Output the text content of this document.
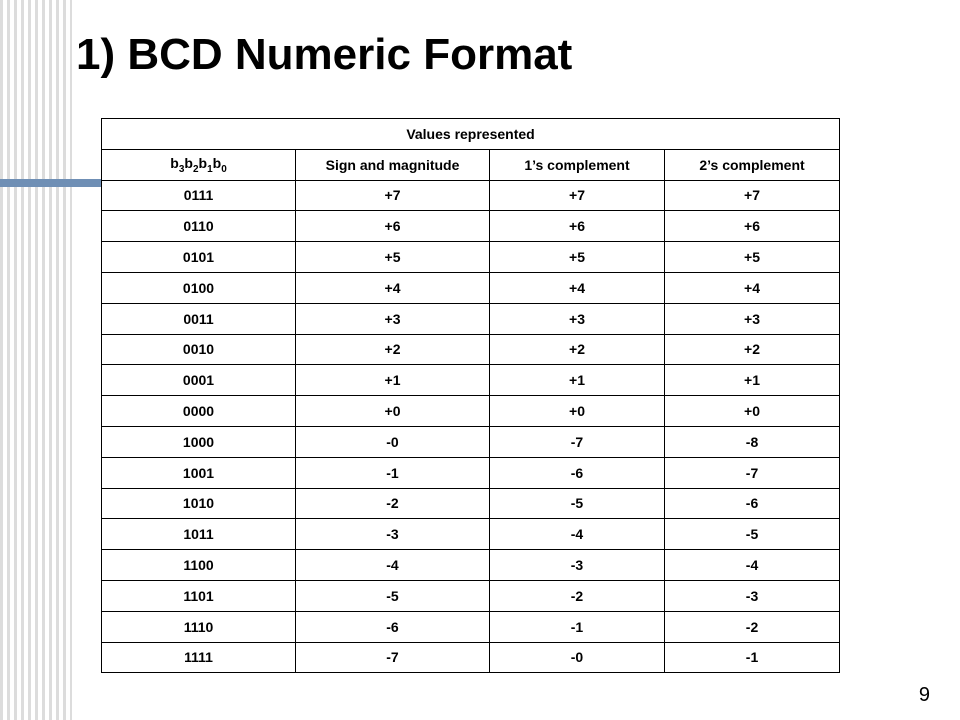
1) BCD Numeric Format
Values represented			
$b_3b_2b_1b_0$	Sign and magnitude	1’s complement	2’s complement
0111	+7	+7	+7
0110	+6	+6	+6
0101	+5	+5	+5
0100	+4	+4	+4
0011	+3	+3	+3
0010	+2	+2	+2
0001	+1	+1	+1
0000	+0	+0	+0
1000	-0	-7	-8
1001	-1	-6	-7
1010	-2	-5	-6
1011	-3	-4	-5
1100	-4	-3	-4
1101	-5	-2	-3
1110	-6	-1	-2
1111	-7	-0	-1
9
